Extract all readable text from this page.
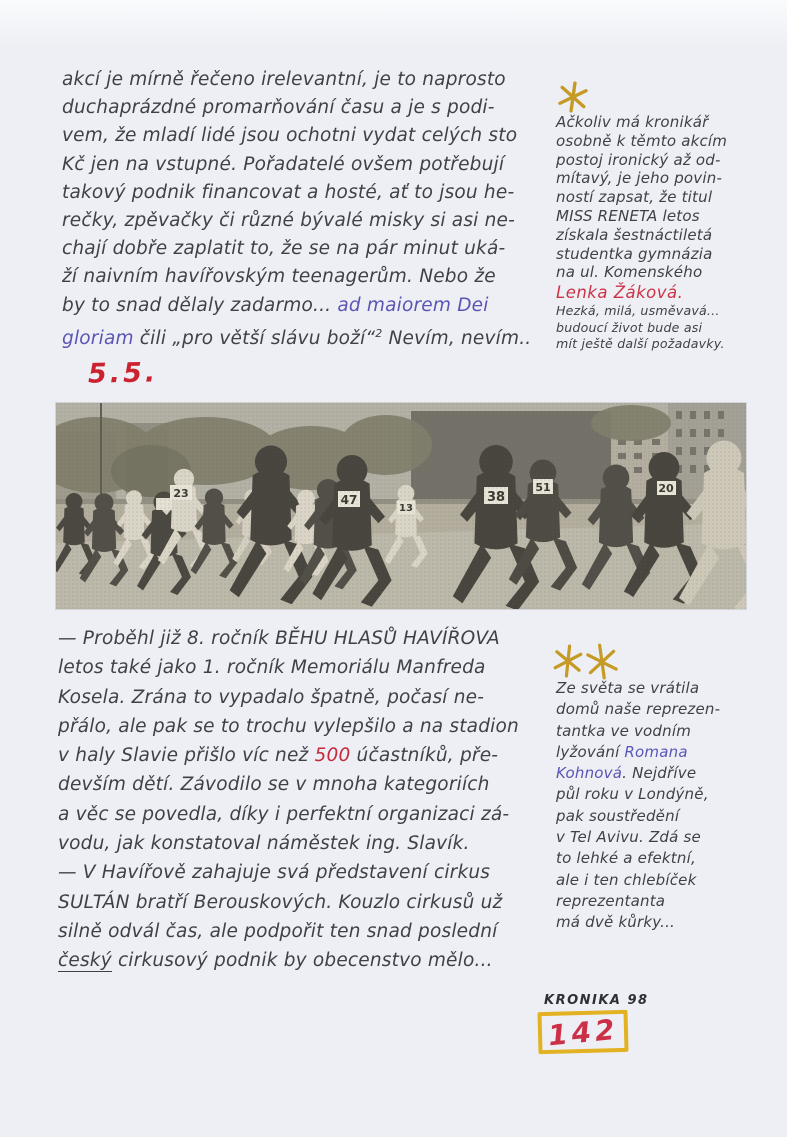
akcí je mírně řečeno irelevantní, je to naprosto
duchaprázdné promarňování času a je s podi-
vem, že mladí lidé jsou ochotni vydat celých sto
Kč jen na vstupné. Pořadatelé ovšem potřebují
takový podnik financovat a hosté, ať to jsou he-
rečky, zpěvačky či různé bývalé misky si asi ne-
chají dobře zaplatit to, že se na pár minut uká-
ží naivním havířovským teenagerům. Nebo že
by to snad dělaly zadarmo... ad maiorem Dei
gloriam čili „pro větší slávu boží“$^2$ Nevím, nevím..
5.5.
Ačkoliv má kronikář
osobně k těmto akcím
postoj ironický až od-
mítavý, je jeho povin-
ností zapsat, že titul
MISS RENETA letos
získala šestnáctiletá
studentka gymnázia
na ul. Komenského
Lenka Žáková.
Hezká, milá, usměvavá...
budoucí život bude asi
mít ještě další požadavky.
23	47	38
51
13
20
— Proběhl již 8. ročník BĚHU HLASŮ HAVÍŘOVA
letos také jako 1. ročník Memoriálu Manfreda
Kosela. Zrána to vypadalo špatně, počasí ne-
přálo, ale pak se to trochu vylepšilo a na stadion
v haly Slavie přišlo víc než 500 účastníků, pře-
devším dětí. Závodilo se v mnoha kategoriích
a věc se povedla, díky i perfektní organizaci zá-
vodu, jak konstatoval náměstek ing. Slavík.
— V Havířově zahajuje svá představení cirkus
SULTÁN bratří Berouskových. Kouzlo cirkusů už
silně odvál čas, ale podpořit ten snad poslední
český cirkusový podnik by obecenstvo mělo...
Ze světa se vrátila
domů naše reprezen-
tantka ve vodním
lyžování Romana
Kohnová. Nejdříve
půl roku v Londýně,
pak soustředění
v Tel Avivu. Zdá se
to lehké a efektní,
ale i ten chlebíček
reprezentanta
má dvě kůrky...
KRONIKA 98
142
